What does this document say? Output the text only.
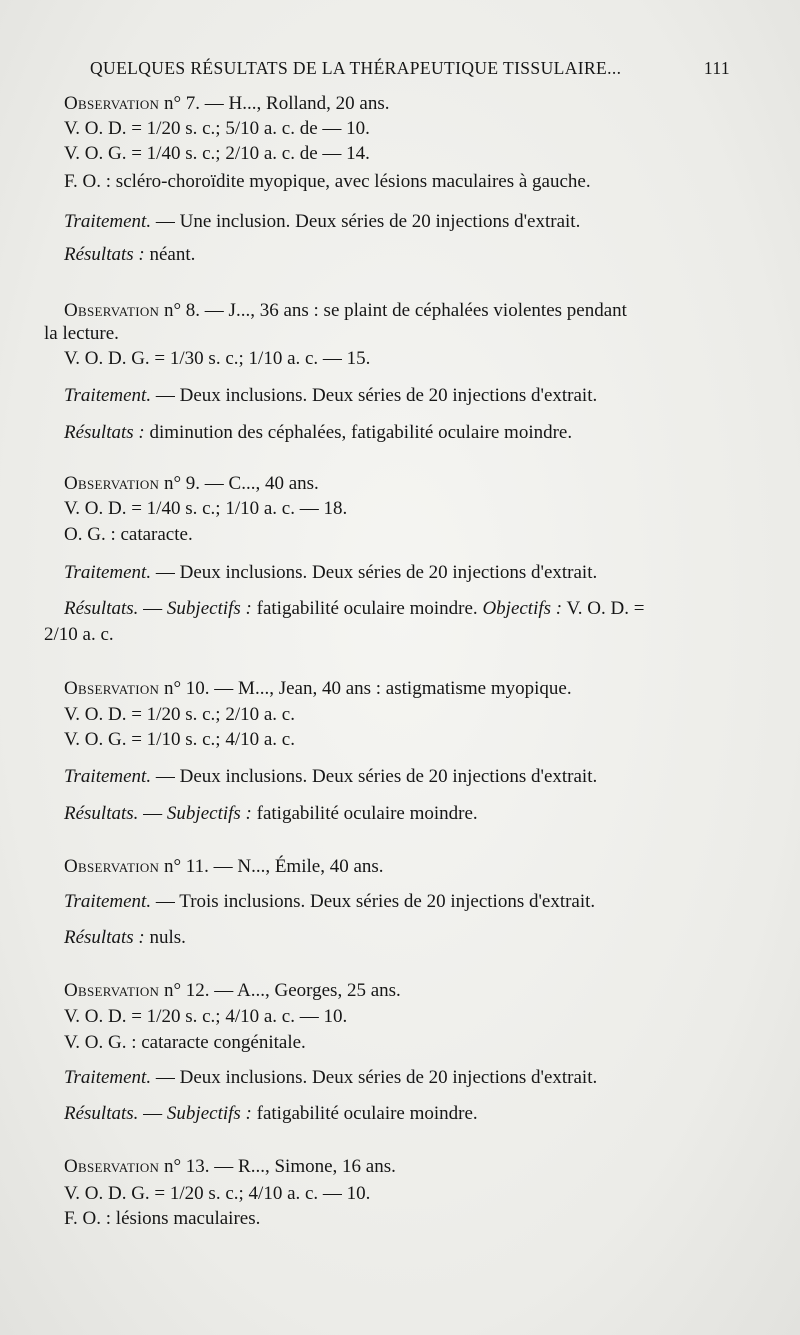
QUELQUES RÉSULTATS DE LA THÉRAPEUTIQUE TISSULAIRE...	111
Observation n° 7. — H..., Rolland, 20 ans.
V. O. D. = 1/20 s. c.; 5/10 a. c. de — 10.
V. O. G. = 1/40 s. c.; 2/10 a. c. de — 14.
F. O. : scléro-choroïdite myopique, avec lésions maculaires à gauche.
Traitement. — Une inclusion. Deux séries de 20 injections d'extrait.
Résultats : néant.
Observation n° 8. — J..., 36 ans : se plaint de céphalées violentes pendant
la lecture.
V. O. D. G. = 1/30 s. c.; 1/10 a. c. — 15.
Traitement. — Deux inclusions. Deux séries de 20 injections d'extrait.
Résultats : diminution des céphalées, fatigabilité oculaire moindre.
Observation n° 9. — C..., 40 ans.
V. O. D. = 1/40 s. c.; 1/10 a. c. — 18.
O. G. : cataracte.
Traitement. — Deux inclusions. Deux séries de 20 injections d'extrait.
Résultats. — Subjectifs : fatigabilité oculaire moindre. Objectifs : V. O. D. =
2/10 a. c.
Observation n° 10. — M..., Jean, 40 ans : astigmatisme myopique.
V. O. D. = 1/20 s. c.; 2/10 a. c.
V. O. G. = 1/10 s. c.; 4/10 a. c.
Traitement. — Deux inclusions. Deux séries de 20 injections d'extrait.
Résultats. — Subjectifs : fatigabilité oculaire moindre.
Observation n° 11. — N..., Émile, 40 ans.
Traitement. — Trois inclusions. Deux séries de 20 injections d'extrait.
Résultats : nuls.
Observation n° 12. — A..., Georges, 25 ans.
V. O. D. = 1/20 s. c.; 4/10 a. c. — 10.
V. O. G. : cataracte congénitale.
Traitement. — Deux inclusions. Deux séries de 20 injections d'extrait.
Résultats. — Subjectifs : fatigabilité oculaire moindre.
Observation n° 13. — R..., Simone, 16 ans.
V. O. D. G. = 1/20 s. c.; 4/10 a. c. — 10.
F. O. : lésions maculaires.
